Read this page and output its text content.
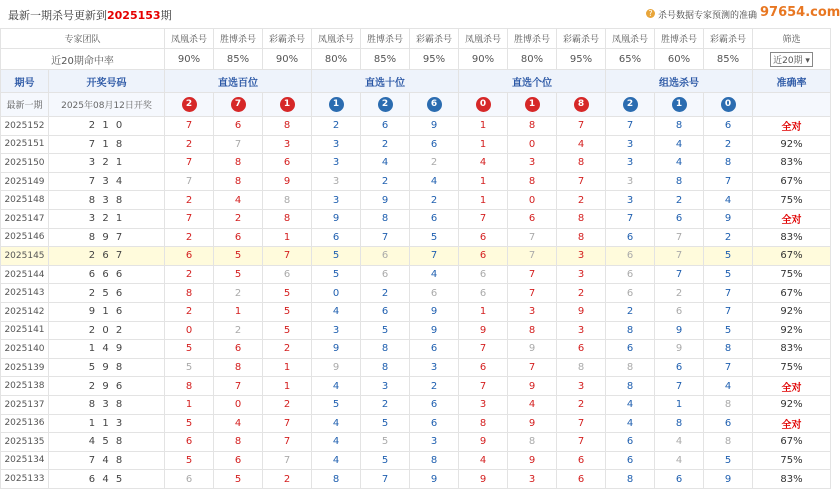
最新一期杀号更新到2025153期	? 杀号数据专家预测的准确 97654.com
专家团队		凤凰杀号	胜博杀号	彩霸杀号	凤凰杀号	胜博杀号	彩霸杀号	凤凰杀号	胜博杀号	彩霸杀号	凤凰杀号	胜博杀号	彩霸杀号	筛选
近20期命中率		90%	85%	90%	80%	85%	95%	90%	80%	95%	65%	60%	85%	近20期 ▾
期号	开奖号码	直选百位			直选十位			直选个位			组选杀号			准确率
最新一期	2025年08月12日开奖	2	7	1	1	2	6	0	1	8	2	1	0	
2025152	2 1 0	7	6	8	2	6	9	1	8	7	7	8	6	全对
2025151	7 1 8	2	7	3	3	2	6	1	0	4	3	4	2	92%
2025150	3 2 1	7	8	6	3	4	2	4	3	8	3	4	8	83%
2025149	7 3 4	7	8	9	3	2	4	1	8	7	3	8	7	67%
2025148	8 3 8	2	4	8	3	9	2	1	0	2	3	2	4	75%
2025147	3 2 1	7	2	8	9	8	6	7	6	8	7	6	9	全对
2025146	8 9 7	2	6	1	6	7	5	6	7	8	6	7	2	83%
2025145	2 6 7	6	5	7	5	6	7	6	7	3	6	7	5	67%
2025144	6 6 6	2	5	6	5	6	4	6	7	3	6	7	5	75%
2025143	2 5 6	8	2	5	0	2	6	6	7	2	6	2	7	67%
2025142	9 1 6	2	1	5	4	6	9	1	3	9	2	6	7	92%
2025141	2 0 2	0	2	5	3	5	9	9	8	3	8	9	5	92%
2025140	1 4 9	5	6	2	9	8	6	7	9	6	6	9	8	83%
2025139	5 9 8	5	8	1	9	8	3	6	7	8	8	6	7	75%
2025138	2 9 6	8	7	1	4	3	2	7	9	3	8	7	4	全对
2025137	8 3 8	1	0	2	5	2	6	3	4	2	4	1	8	92%
2025136	1 1 3	5	4	7	4	5	6	8	9	7	4	8	6	全对
2025135	4 5 8	6	8	7	4	5	3	9	8	7	6	4	8	67%
2025134	7 4 8	5	6	7	4	5	8	4	9	6	6	4	5	75%
2025133	6 4 5	6	5	2	8	7	9	9	3	6	8	6	9	83%
